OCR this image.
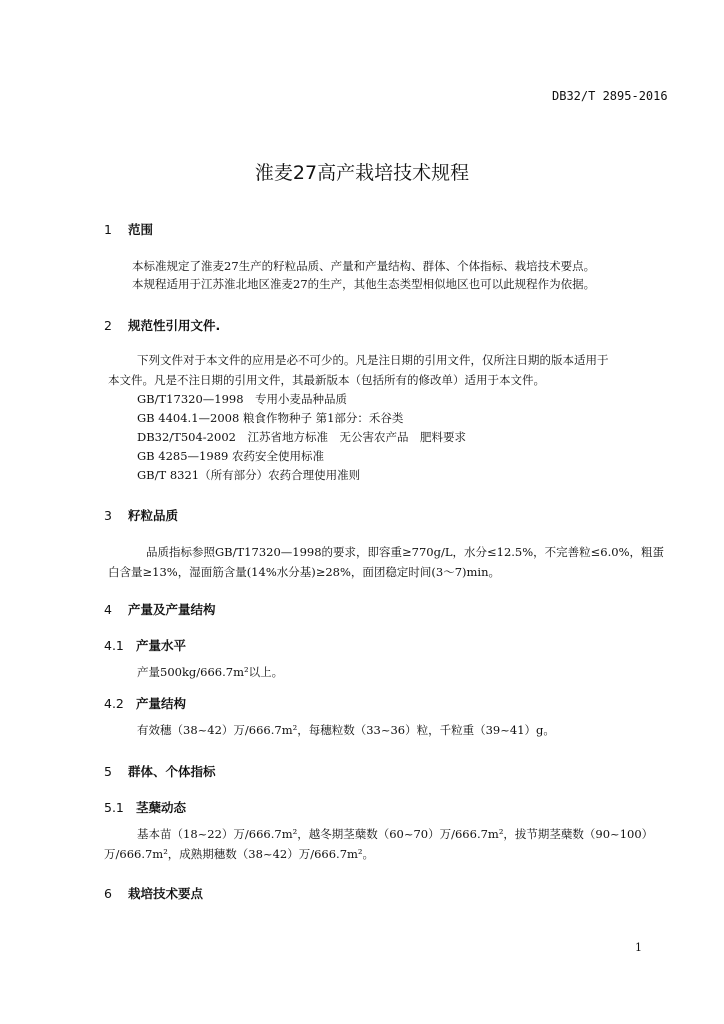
DB32/T 2895-2016
淮麦27高产栽培技术规程
1 范围
本标准规定了淮麦27生产的籽粒品质、产量和产量结构、群体、个体指标、栽培技术要点。
本规程适用于江苏淮北地区淮麦27的生产，其他生态类型相似地区也可以此规程作为依据。
2 规范性引用文件.
下列文件对于本文件的应用是必不可少的。凡是注日期的引用文件，仅所注日期的版本适用于
本文件。凡是不注日期的引用文件，其最新版本（包括所有的修改单）适用于本文件。
GB/T17320—1998　专用小麦品种品质
GB 4404.1—2008 粮食作物种子 第1部分：禾谷类
DB32/T504-2002　江苏省地方标准　无公害农产品　肥料要求
GB 4285—1989 农药安全使用标准
GB/T 8321（所有部分）农药合理使用准则
3 籽粒品质
品质指标参照GB/T17320—1998的要求，即容重≥770g/L，水分≤12.5%，不完善粒≤6.0%，粗蛋
白含量≥13%，湿面筋含量(14%水分基)≥28%，面团稳定时间(3～7)min。
4 产量及产量结构
4.1 产量水平
产量500kg/666.7m²以上。
4.2 产量结构
有效穗（38~42）万/666.7m²，每穗粒数（33~36）粒，千粒重（39~41）g。
5 群体、个体指标
5.1 茎蘖动态
基本苗（18~22）万/666.7m²，越冬期茎蘖数（60~70）万/666.7m²，拔节期茎蘖数（90~100）
万/666.7m²，成熟期穗数（38~42）万/666.7m²。
6 栽培技术要点
1
